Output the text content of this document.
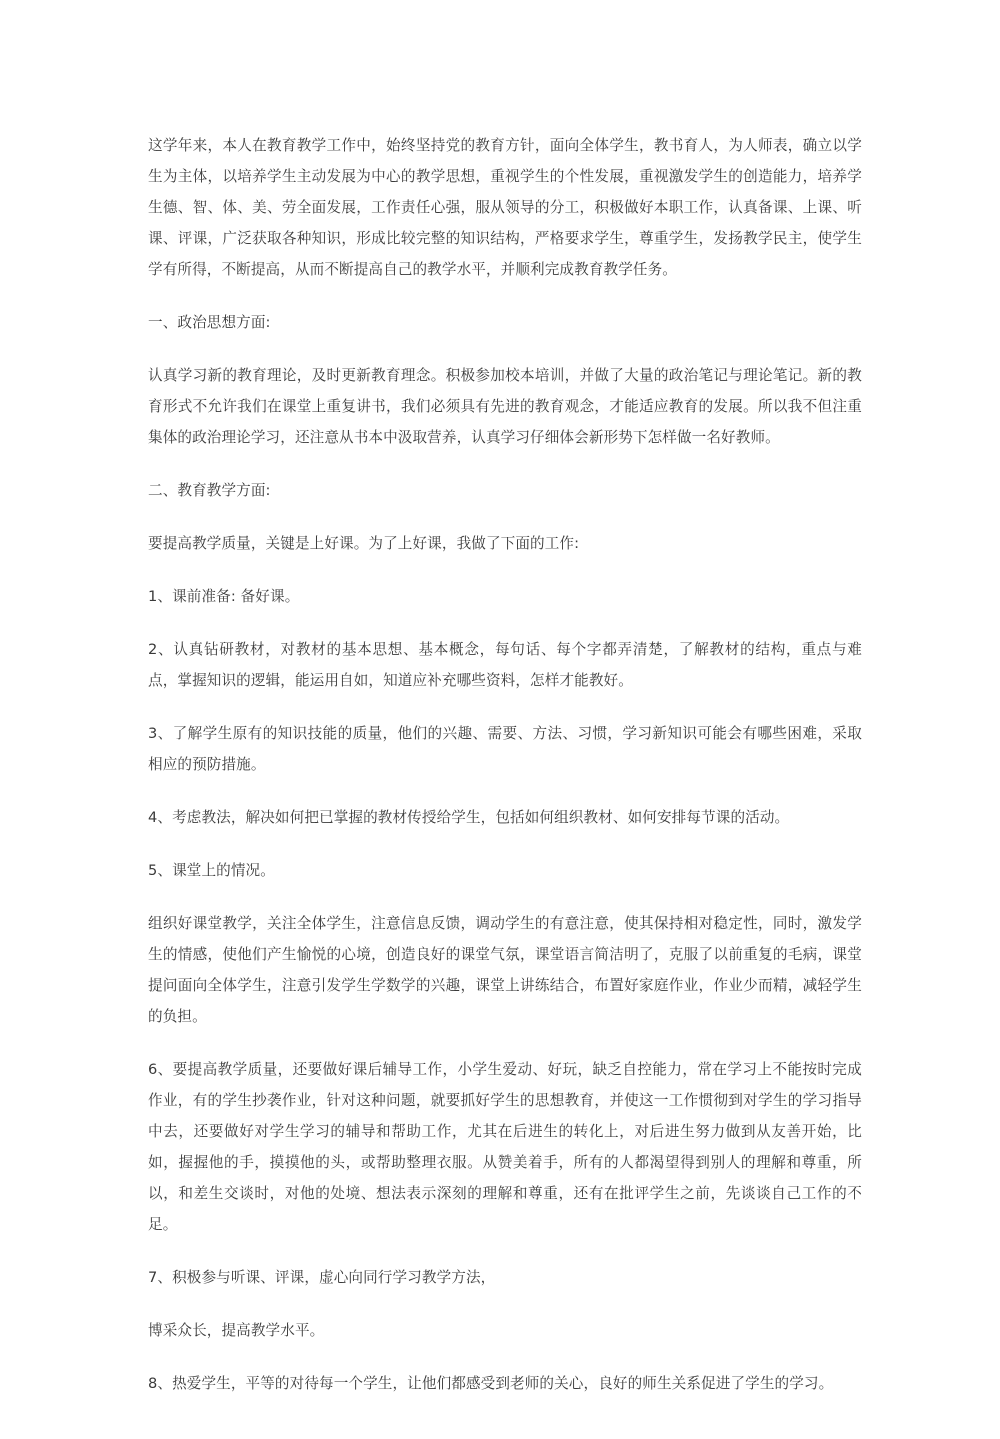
这学年来，本人在教育教学工作中，始终坚持党的教育方针，面向全体学生，教书育人，为人师表，确立以学生为主体，以培养学生主动发展为中心的教学思想，重视学生的个性发展，重视激发学生的创造能力，培养学生德、智、体、美、劳全面发展，工作责任心强，服从领导的分工，积极做好本职工作，认真备课、上课、听课、评课，广泛获取各种知识，形成比较完整的知识结构，严格要求学生，尊重学生，发扬教学民主，使学生学有所得，不断提高，从而不断提高自己的教学水平，并顺利完成教育教学任务。

一、政治思想方面:

认真学习新的教育理论，及时更新教育理念。积极参加校本培训，并做了大量的政治笔记与理论笔记。新的教育形式不允许我们在课堂上重复讲书，我们必须具有先进的教育观念，才能适应教育的发展。所以我不但注重集体的政治理论学习，还注意从书本中汲取营养，认真学习仔细体会新形势下怎样做一名好教师。

二、教育教学方面:

要提高教学质量，关键是上好课。为了上好课，我做了下面的工作:

1、课前准备: 备好课。

2、认真钻研教材，对教材的基本思想、基本概念，每句话、每个字都弄清楚，了解教材的结构，重点与难点，掌握知识的逻辑，能运用自如，知道应补充哪些资料，怎样才能教好。

3、了解学生原有的知识技能的质量，他们的兴趣、需要、方法、习惯，学习新知识可能会有哪些困难，采取相应的预防措施。

4、考虑教法，解决如何把已掌握的教材传授给学生，包括如何组织教材、如何安排每节课的活动。

5、课堂上的情况。

组织好课堂教学，关注全体学生，注意信息反馈，调动学生的有意注意，使其保持相对稳定性，同时，激发学生的情感，使他们产生愉悦的心境，创造良好的课堂气氛，课堂语言简洁明了，克服了以前重复的毛病，课堂提问面向全体学生，注意引发学生学数学的兴趣，课堂上讲练结合，布置好家庭作业，作业少而精，减轻学生的负担。

6、要提高教学质量，还要做好课后辅导工作，小学生爱动、好玩，缺乏自控能力，常在学习上不能按时完成作业，有的学生抄袭作业，针对这种问题，就要抓好学生的思想教育，并使这一工作惯彻到对学生的学习指导中去，还要做好对学生学习的辅导和帮助工作，尤其在后进生的转化上，对后进生努力做到从友善开始，比如，握握他的手，摸摸他的头，或帮助整理衣服。从赞美着手，所有的人都渴望得到别人的理解和尊重，所以，和差生交谈时，对他的处境、想法表示深刻的理解和尊重，还有在批评学生之前，先谈谈自己工作的不足。

7、积极参与听课、评课，虚心向同行学习教学方法，

博采众长，提高教学水平。

8、热爱学生，平等的对待每一个学生，让他们都感受到老师的关心，良好的师生关系促进了学生的学习。
